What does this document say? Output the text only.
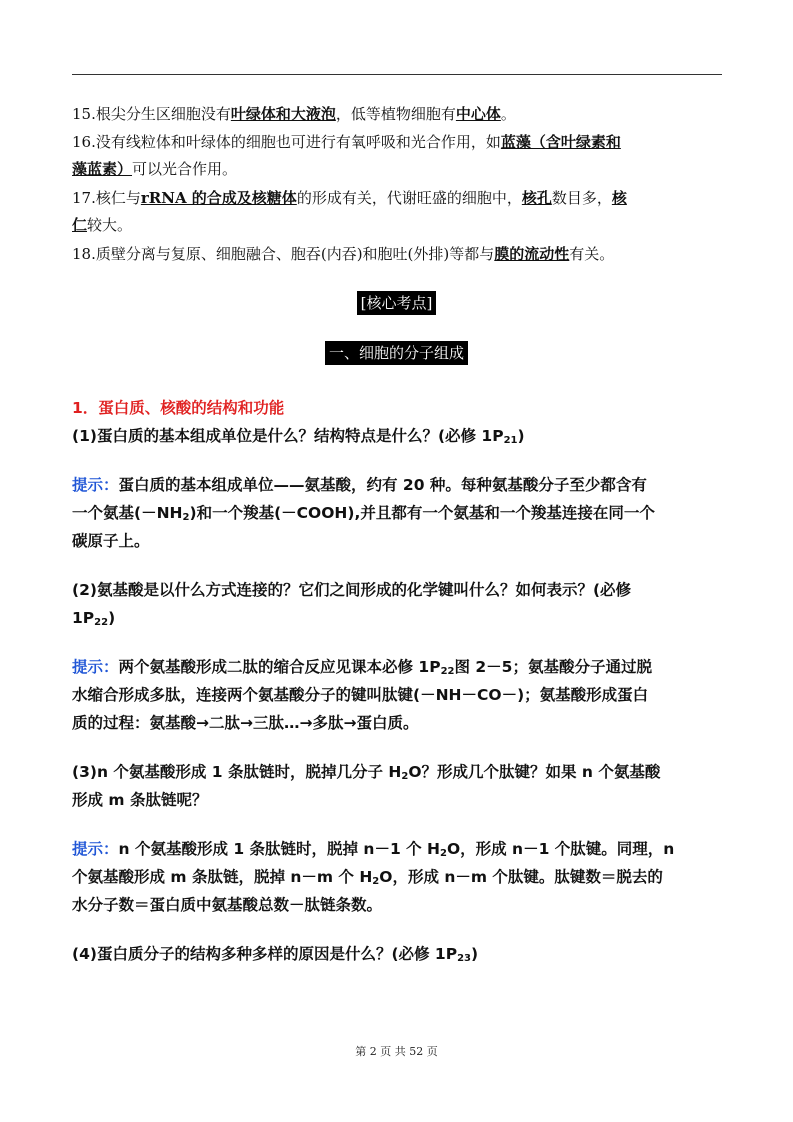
15.根尖分生区细胞没有叶绿体和大液泡，低等植物细胞有中心体。
16.没有线粒体和叶绿体的细胞也可进行有氧呼吸和光合作用，如蓝藻（含叶绿素和
藻蓝素）可以光合作用。
17.核仁与rRNA 的合成及核糖体的形成有关，代谢旺盛的细胞中，核孔数目多，核
仁较大。
18.质壁分离与复原、细胞融合、胞吞(内吞)和胞吐(外排)等都与膜的流动性有关。
[核心考点]
一、细胞的分子组成
1．蛋白质、核酸的结构和功能
(1)蛋白质的基本组成单位是什么？结构特点是什么？(必修 $1P_{21}$)
提示：蛋白质的基本组成单位——氨基酸，约有 20 种。每种氨基酸分子至少都含有
一个氨基$(-NH_2)$和一个羧基(－COOH),并且都有一个氨基和一个羧基连接在同一个
碳原子上。
(2)氨基酸是以什么方式连接的？它们之间形成的化学键叫什么？如何表示？(必修
$1P_{22}$)
提示：两个氨基酸形成二肽的缩合反应见课本必修 $1P_{22}$图 2－5；氨基酸分子通过脱
水缩合形成多肽，连接两个氨基酸分子的键叫肽键(－NH－CO－)；氨基酸形成蛋白
质的过程：氨基酸→二肽→三肽…→多肽→蛋白质。
(3)n 个氨基酸形成 1 条肽链时，脱掉几分子 $H_2O$？形成几个肽键？如果 n 个氨基酸
形成 m 条肽链呢？
提示：n 个氨基酸形成 1 条肽链时，脱掉 n－1 个 $H_2O$，形成 n－1 个肽键。同理，n
个氨基酸形成 m 条肽链，脱掉 n－m 个 $H_2O$，形成 n－m 个肽键。肽键数＝脱去的
水分子数＝蛋白质中氨基酸总数－肽链条数。
(4)蛋白质分子的结构多种多样的原因是什么？(必修 $1P_{23}$)
第 2 页 共 52 页
